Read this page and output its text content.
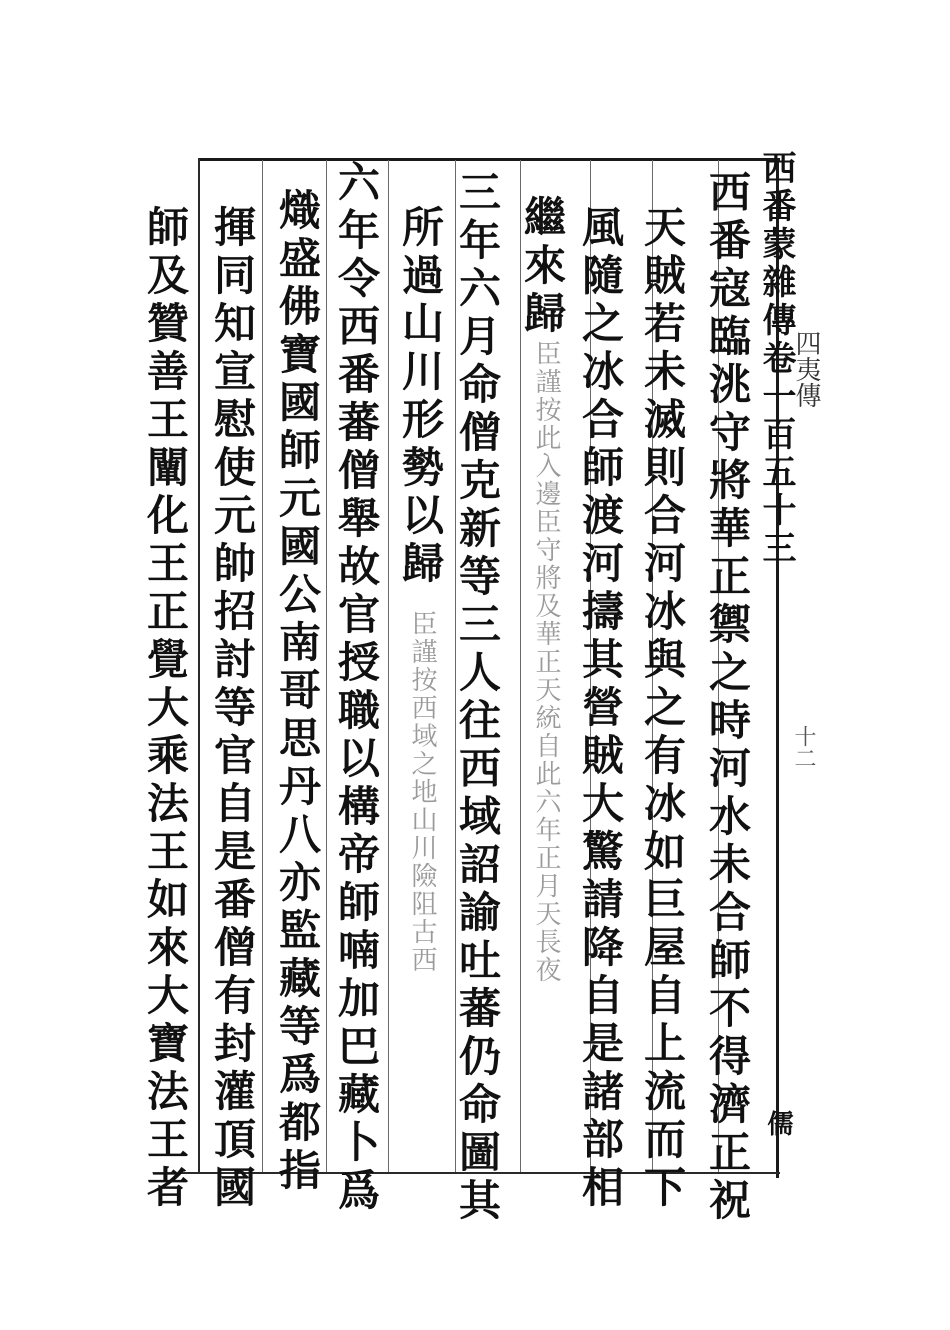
西番蒙雜傳卷一百五十三
四夷傳
十二
儒
西番寇臨洮守將華正禦之時河水未合師不得濟正祝
天賊若未滅則合河冰與之有冰如巨屋自上流而下
風隨之冰合師渡河擣其營賊大驚請降自是諸部相
繼來歸
臣謹按此入邊臣守將及華正天統自此六年正月天長夜
三年六月命僧克新等三人往西域詔諭吐蕃仍命圖其
所過山川形勢以歸
臣謹按西域之地山川險阻古西
六年令西番蕃僧舉故官授職以構帝師喃加巴藏卜爲
熾盛佛寶國師元國公南哥思丹八亦監藏等爲都指
揮同知宣慰使元帥招討等官自是番僧有封灌頂國
師及贊善王闡化王正覺大乘法王如來大寶法王者
